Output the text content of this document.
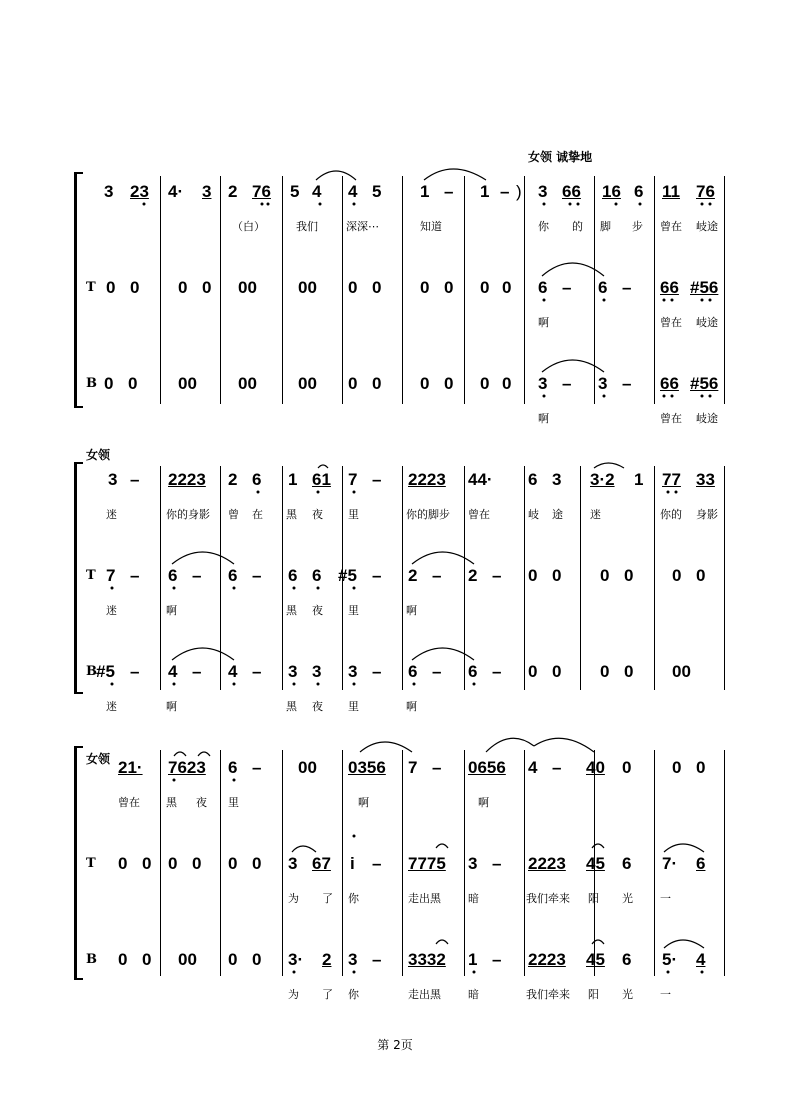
女领 诚挚地
3 23 4· 3 2 76 5 4 4 5 1 – 1 – ) 3 66 16 6 11 76
（白）	我们	深深⋯	知道	你 的 脚 步 曾在 岐途
T 0 0 0 0 00 00 0 0 0 0 0 0 6 – 6 – 66 #56
啊	曾在 岐途
B 0 0 00 00 00 0 0 0 0 0 0 3 – 3 – 66 #56
啊	曾在 岐途
女领
3 – 2223 2 6 1 61 7 – 2223 44· 6 3 3·2 1 77 33
迷	你的身影 曾 在 黑 夜 里	你的脚步 曾在	岐 途 迷	你的 身影
T 7 – 6 – 6 – 6 6 #5 – 2 – 2 – 0 0 0 0 0 0
迷	啊	黑 夜 里	啊
B #5 – 4 – 4 – 3 3 3 – 6 – 6 – 0 0 0 0 00
迷	啊	黑 夜 里	啊
女领 21· 7623 6 – 00 0356 7 – 0656 4 – 40 0 0 0
曾在 黑 夜 里	啊	啊
T 0 0 0 0 0 0 3 67 i – 7775 3 – 2223 45 6 7· 6
为 了 你	走出黑 暗	我们牵来 阳 光 一
B 0 0 00 0 0 3· 2 3 – 3332 1 – 2223 45 6 5· 4
为 了 你	走出黑 暗	我们牵来 阳 光 一
第 2页
